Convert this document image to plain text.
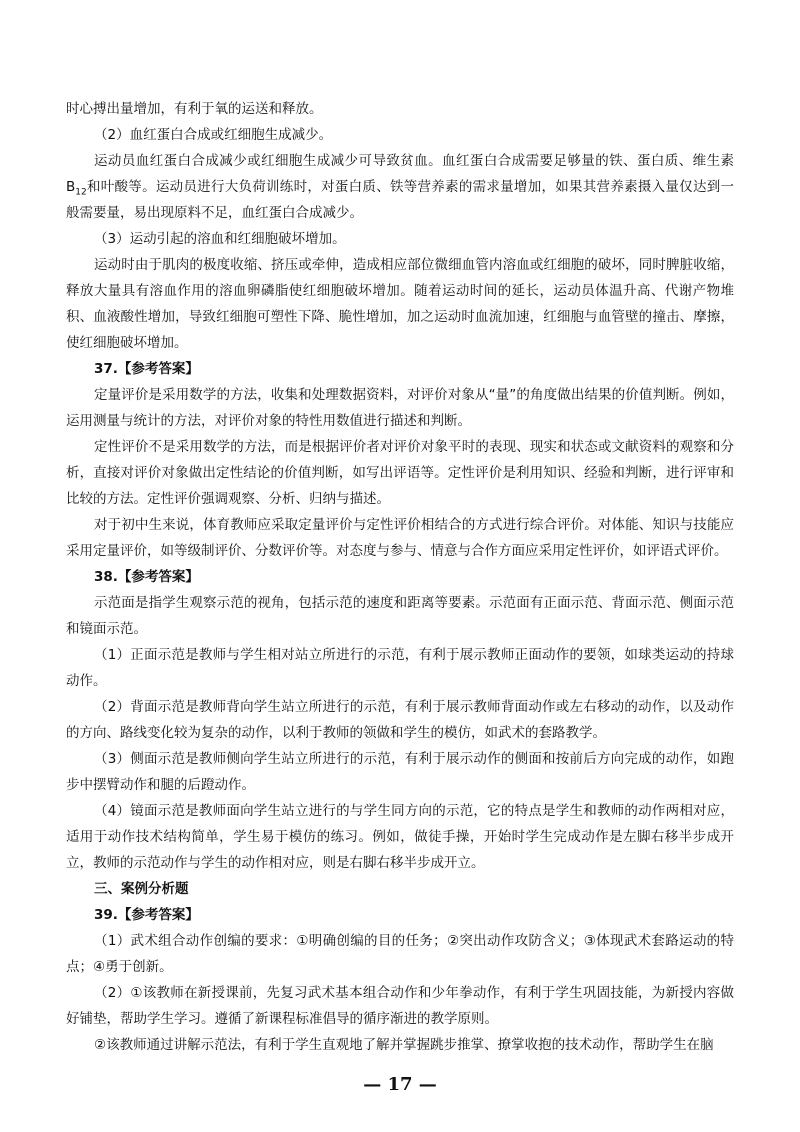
时心搏出量增加，有利于氧的运送和释放。

（2）血红蛋白合成或红细胞生成减少。

运动员血红蛋白合成减少或红细胞生成减少可导致贫血。血红蛋白合成需要足够量的铁、蛋白质、维生素$B_{12}$和叶酸等。运动员进行大负荷训练时，对蛋白质、铁等营养素的需求量增加，如果其营养素摄入量仅达到一般需要量，易出现原料不足，血红蛋白合成减少。

（3）运动引起的溶血和红细胞破坏增加。

运动时由于肌肉的极度收缩、挤压或牵伸，造成相应部位微细血管内溶血或红细胞的破坏，同时脾脏收缩，释放大量具有溶血作用的溶血卵磷脂使红细胞破坏增加。随着运动时间的延长，运动员体温升高、代谢产物堆积、血液酸性增加，导致红细胞可塑性下降、脆性增加，加之运动时血流加速，红细胞与血管壁的撞击、摩擦，使红细胞破坏增加。

37.【参考答案】

定量评价是采用数学的方法，收集和处理数据资料，对评价对象从“量”的角度做出结果的价值判断。例如，运用测量与统计的方法，对评价对象的特性用数值进行描述和判断。

定性评价不是采用数学的方法，而是根据评价者对评价对象平时的表现、现实和状态或文献资料的观察和分析，直接对评价对象做出定性结论的价值判断，如写出评语等。定性评价是利用知识、经验和判断，进行评审和比较的方法。定性评价强调观察、分析、归纳与描述。

对于初中生来说，体育教师应采取定量评价与定性评价相结合的方式进行综合评价。对体能、知识与技能应采用定量评价，如等级制评价、分数评价等。对态度与参与、情意与合作方面应采用定性评价，如评语式评价。

38.【参考答案】

示范面是指学生观察示范的视角，包括示范的速度和距离等要素。示范面有正面示范、背面示范、侧面示范和镜面示范。

（1）正面示范是教师与学生相对站立所进行的示范，有利于展示教师正面动作的要领，如球类运动的持球动作。

（2）背面示范是教师背向学生站立所进行的示范，有利于展示教师背面动作或左右移动的动作，以及动作的方向、路线变化较为复杂的动作，以利于教师的领做和学生的模仿，如武术的套路教学。

（3）侧面示范是教师侧向学生站立所进行的示范，有利于展示动作的侧面和按前后方向完成的动作，如跑步中摆臂动作和腿的后蹬动作。

（4）镜面示范是教师面向学生站立进行的与学生同方向的示范，它的特点是学生和教师的动作两相对应，适用于动作技术结构简单，学生易于模仿的练习。例如，做徒手操，开始时学生完成动作是左脚右移半步成开立，教师的示范动作与学生的动作相对应，则是右脚右移半步成开立。

三、案例分析题

39.【参考答案】

（1）武术组合动作创编的要求：①明确创编的目的任务；②突出动作攻防含义；③体现武术套路运动的特点；④勇于创新。

（2）①该教师在新授课前，先复习武术基本组合动作和少年拳动作，有利于学生巩固技能，为新授内容做好铺垫，帮助学生学习。遵循了新课程标准倡导的循序渐进的教学原则。

②该教师通过讲解示范法，有利于学生直观地了解并掌握跳步推掌、撩掌收抱的技术动作，帮助学生在脑

— 17 —
